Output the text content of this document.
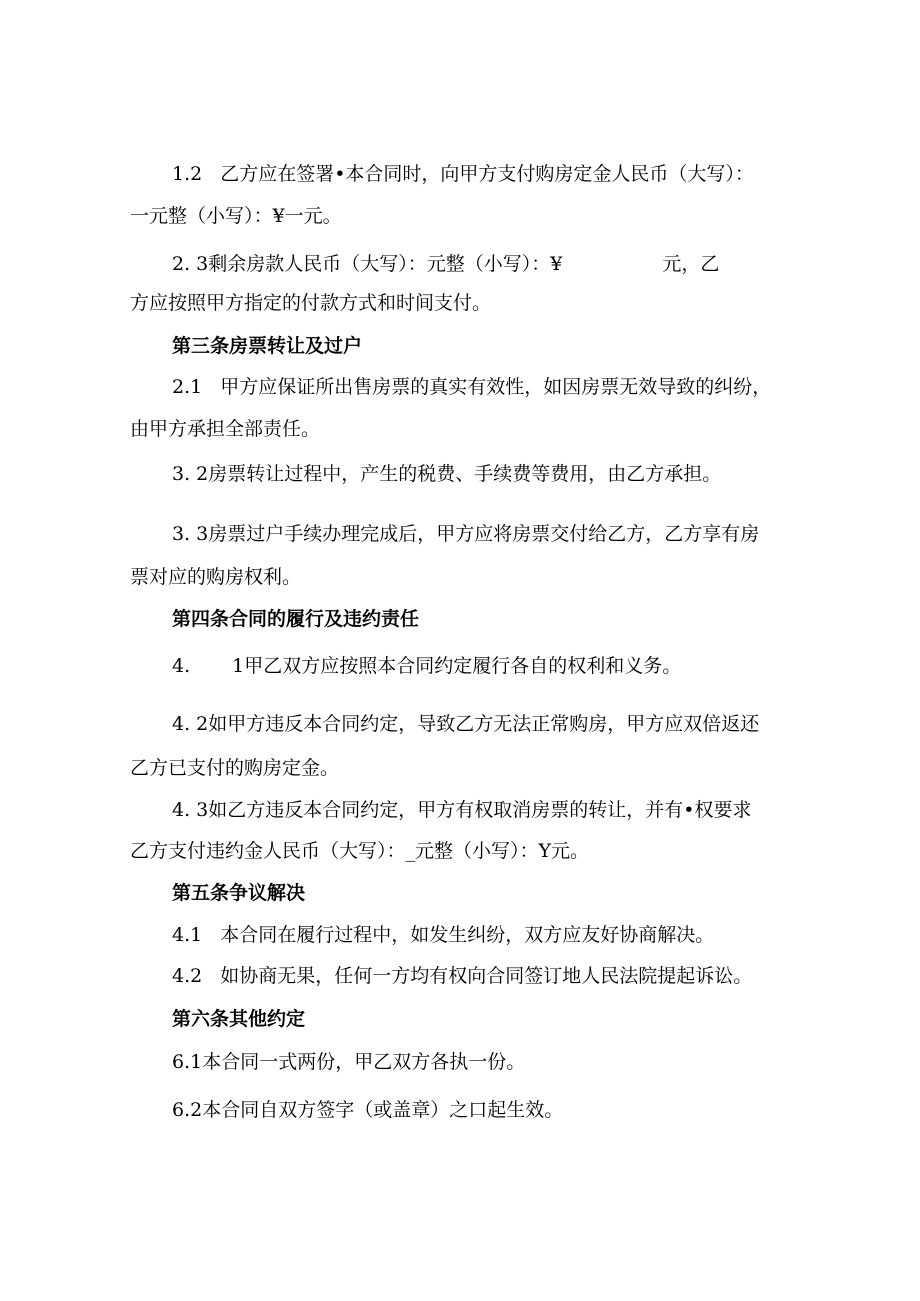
1.2 乙方应在签署•本合同时，向甲方支付购房定金人民币（大写）：
一元整（小写）：¥一元。
2. 3剩余房款人民币（大写）：元整（小写）：¥	元，乙
方应按照甲方指定的付款方式和时间支付。
第三条房票转让及过户
2.1 甲方应保证所出售房票的真实有效性，如因房票无效导致的纠纷，
由甲方承担全部责任。
3. 2房票转让过程中，产生的税费、手续费等费用，由乙方承担。
3. 3房票过户手续办理完成后，甲方应将房票交付给乙方，乙方享有房
票对应的购房权利。
第四条合同的履行及违约责任
4. 1甲乙双方应按照本合同约定履行各自的权利和义务。
4. 2如甲方违反本合同约定，导致乙方无法正常购房，甲方应双倍返还
乙方已支付的购房定金。
4. 3如乙方违反本合同约定，甲方有权取消房票的转让，并有•权要求
乙方支付违约金人民币（大写）：_元整（小写）：Y元。
第五条争议解决
4.1 本合同在履行过程中，如发生纠纷，双方应友好协商解决。
4.2 如协商无果，任何一方均有权向合同签订地人民法院提起诉讼。
第六条其他约定
6.1本合同一式两份，甲乙双方各执一份。
6.2本合同自双方签字（或盖章）之口起生效。
